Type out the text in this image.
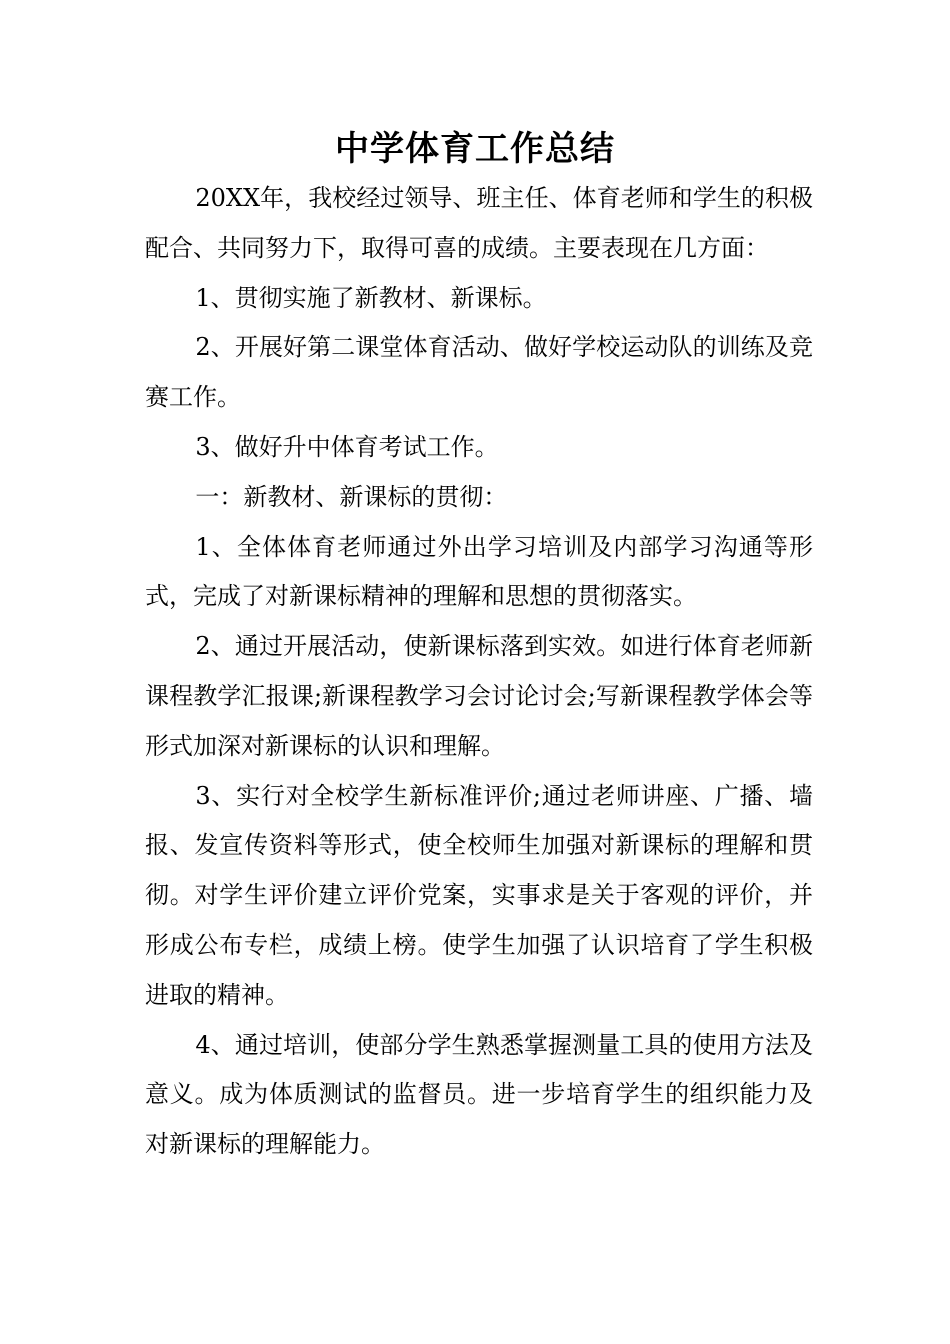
中学体育工作总结

20XX年，我校经过领导、班主任、体育老师和学生的积极配合、共同努力下，取得可喜的成绩。主要表现在几方面：

1、贯彻实施了新教材、新课标。

2、开展好第二课堂体育活动、做好学校运动队的训练及竞赛工作。

3、做好升中体育考试工作。

一：新教材、新课标的贯彻：

1、全体体育老师通过外出学习培训及内部学习沟通等形式，完成了对新课标精神的理解和思想的贯彻落实。

2、通过开展活动，使新课标落到实效。如进行体育老师新课程教学汇报课;新课程教学习会讨论讨会;写新课程教学体会等形式加深对新课标的认识和理解。

3、实行对全校学生新标准评价;通过老师讲座、广播、墙报、发宣传资料等形式，使全校师生加强对新课标的理解和贯彻。对学生评价建立评价党案，实事求是关于客观的评价，并形成公布专栏，成绩上榜。使学生加强了认识培育了学生积极进取的精神。

4、通过培训，使部分学生熟悉掌握测量工具的使用方法及意义。成为体质测试的监督员。进一步培育学生的组织能力及对新课标的理解能力。
